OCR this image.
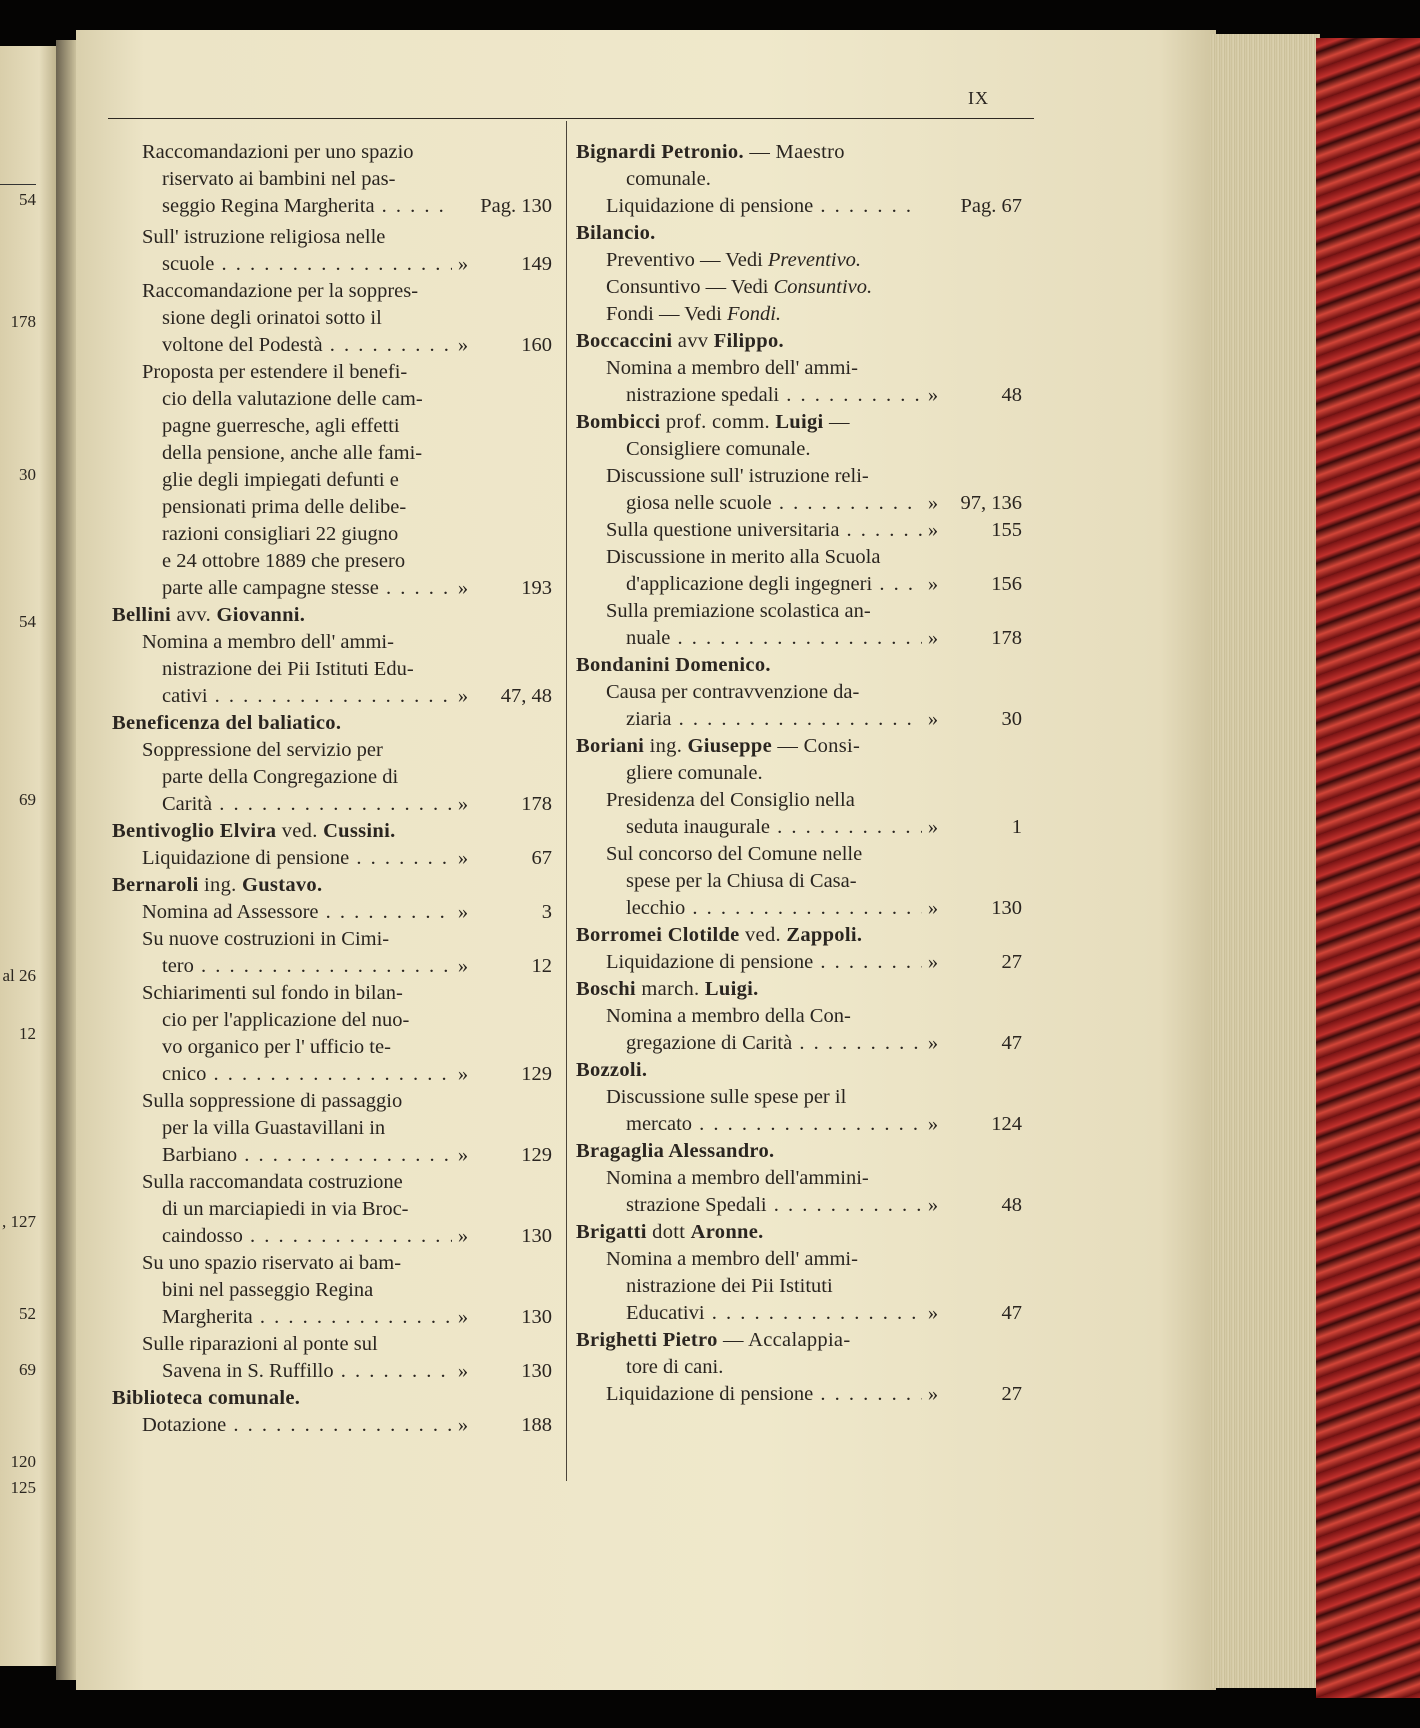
54
178
30
54
69
al 26
12
, 127
52
69
120
125
IX
Raccomandazioni per uno spazio
riservato ai bambini nel pas-
seggio Regina Margherita . . .	Pag. 130
Sull' istruzione religiosa nelle
scuole . . .	»	149
Raccomandazione per la soppres-
sione degli orinatoi sotto il
voltone del Podestà . . .	»	160
Proposta per estendere il benefi-
cio della valutazione delle cam-
pagne guerresche, agli effetti
della pensione, anche alle fami-
glie degli impiegati defunti e
pensionati prima delle delibe-
razioni consigliari 22 giugno
e 24 ottobre 1889 che presero
parte alle campagne stesse . . .	»	193
Bellini avv. Giovanni.
Nomina a membro dell' ammi-
nistrazione dei Pii Istituti Edu-
cativi . . .	»	47, 48
Beneficenza del baliatico.
Soppressione del servizio per
parte della Congregazione di
Carità . . .	»	178
Bentivoglio Elvira ved. Cussini.
Liquidazione di pensione . . .	»	67
Bernaroli ing. Gustavo.
Nomina ad Assessore . . .	»	3
Su nuove costruzioni in Cimi-
tero . . .	»	12
Schiarimenti sul fondo in bilan-
cio per l'applicazione del nuo-
vo organico per l' ufficio te-
cnico . . .	»	129
Sulla soppressione di passaggio
per la villa Guastavillani in
Barbiano . . .	»	129
Sulla raccomandata costruzione
di un marciapiedi in via Broc-
caindosso . . .	»	130
Su uno spazio riservato ai bam-
bini nel passeggio Regina
Margherita . . .	»	130
Sulle riparazioni al ponte sul
Savena in S. Ruffillo . . .	»	130
Biblioteca comunale.
Dotazione . . .	»	188
Bignardi Petronio. — Maestro
comunale.
Liquidazione di pensione . . .	Pag. 67
Bilancio.
Preventivo — Vedi Preventivo.
Consuntivo — Vedi Consuntivo.
Fondi — Vedi Fondi.
Boccaccini avv Filippo.
Nomina a membro dell' ammi-
nistrazione spedali . . .	»	48
Bombicci prof. comm. Luigi —
Consigliere comunale.
Discussione sull' istruzione reli-
giosa nelle scuole . . .	»	97, 136
Sulla questione universitaria . . .	»	155
Discussione in merito alla Scuola
d'applicazione degli ingegneri . . .	»	156
Sulla premiazione scolastica an-
nuale . . .	»	178
Bondanini Domenico.
Causa per contravvenzione da-
ziaria . . .	»	30
Boriani ing. Giuseppe — Consi-
gliere comunale.
Presidenza del Consiglio nella
seduta inaugurale . . .	»	1
Sul concorso del Comune nelle
spese per la Chiusa di Casa-
lecchio . . .	»	130
Borromei Clotilde ved. Zappoli.
Liquidazione di pensione . . .	»	27
Boschi march. Luigi.
Nomina a membro della Con-
gregazione di Carità . . .	»	47
Bozzoli.
Discussione sulle spese per il
mercato . . .	»	124
Bragaglia Alessandro.
Nomina a membro dell'ammini-
strazione Spedali . . .	»	48
Brigatti dott Aronne.
Nomina a membro dell' ammi-
nistrazione dei Pii Istituti
Educativi . . .	»	47
Brighetti Pietro — Accalappia-
tore di cani.
Liquidazione di pensione . . .	»	27
